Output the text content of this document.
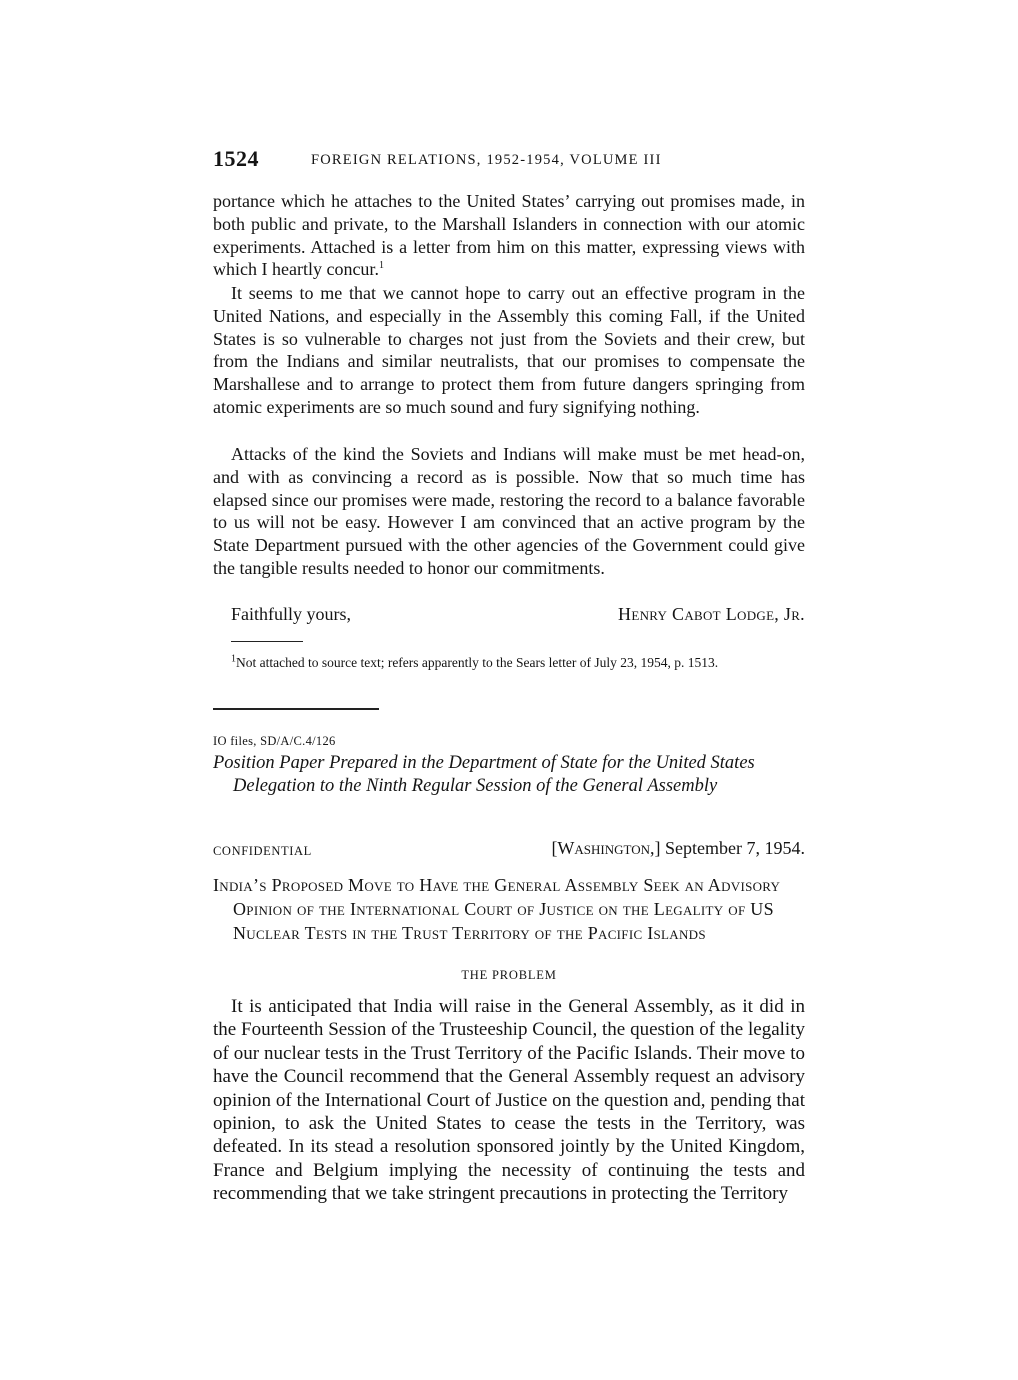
1524	FOREIGN RELATIONS, 1952-1954, VOLUME III

portance which he attaches to the United States’ carrying out promises made, in both public and private, to the Marshall Islanders in connection with our atomic experiments. Attached is a letter from him on this matter, expressing views with which I heartly concur.$^1$

It seems to me that we cannot hope to carry out an effective program in the United Nations, and especially in the Assembly this coming Fall, if the United States is so vulnerable to charges not just from the Soviets and their crew, but from the Indians and similar neutralists, that our promises to compensate the Marshallese and to arrange to protect them from future dangers springing from atomic experiments are so much sound and fury signifying nothing.

Attacks of the kind the Soviets and Indians will make must be met head-on, and with as convincing a record as is possible. Now that so much time has elapsed since our promises were made, restoring the record to a balance favorable to us will not be easy. However I am convinced that an active program by the State Department pursued with the other agencies of the Government could give the tangible results needed to honor our commitments.

Faithfully yours,	Henry Cabot Lodge, Jr.

$^1$Not attached to source text; refers apparently to the Sears letter of July 23, 1954, p. 1513.

IO files, SD/A/C.4/126

Position Paper Prepared in the Department of State for the United States Delegation to the Ninth Regular Session of the General Assembly

CONFIDENTIAL	[Washington,] September 7, 1954.

India’s Proposed Move to Have the General Assembly Seek an Advisory Opinion of the International Court of Justice on the Legality of US Nuclear Tests in the Trust Territory of the Pacific Islands

THE PROBLEM

It is anticipated that India will raise in the General Assembly, as it did in the Fourteenth Session of the Trusteeship Council, the question of the legality of our nuclear tests in the Trust Territory of the Pacific Islands. Their move to have the Council recommend that the General Assembly request an advisory opinion of the International Court of Justice on the question and, pending that opinion, to ask the United States to cease the tests in the Territory, was defeated. In its stead a resolution sponsored jointly by the United Kingdom, France and Belgium implying the necessity of continuing the tests and recommending that we take stringent precautions in protecting the Territory
